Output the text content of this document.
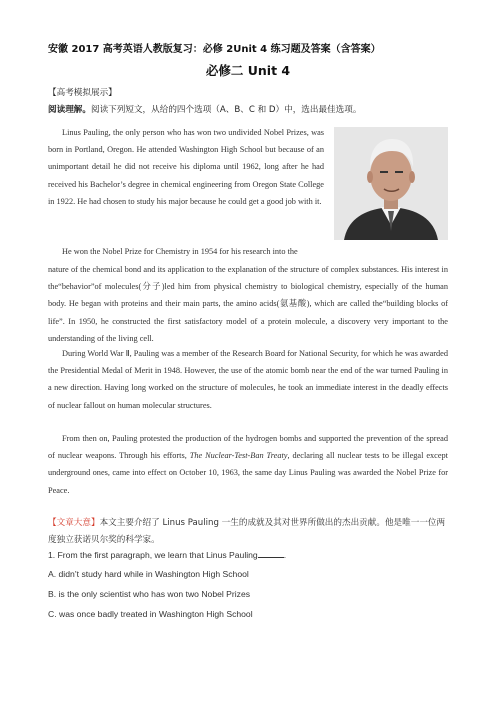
安徽 2017 高考英语人教版复习：必修 2Unit 4 练习题及答案（含答案）
必修二 Unit 4
【高考模拟展示】
阅读理解。阅读下列短文，从给的四个选项（A、B、C 和 D）中，选出最佳选项。
Linus Pauling, the only person who has won two undivided Nobel Prizes, was born in Portland, Oregon. He attended Washington High School but because of an unimportant detail he did not receive his diploma until 1962, long after he had received his Bachelor’s degree in chemical engineering from Oregon State College in 1922. He had chosen to study his major because he could get a good job with it.
He won the Nobel Prize for Chemistry in 1954 for his research into the
nature of the chemical bond and its application to the explanation of the structure of complex substances. His interest in the“behavior”of molecules(分子)led him from physical chemistry to biological chemistry, especially of the human body. He began with proteins and their main parts, the amino acids(氨基酸), which are called the“building blocks of life”. In 1950, he constructed the first satisfactory model of a protein molecule, a discovery very important to the understanding of the living cell.
During World War Ⅱ, Pauling was a member of the Research Board for National Security, for which he was awarded the Presidential Medal of Merit in 1948. However, the use of the atomic bomb near the end of the war turned Pauling in a new direction. Having long worked on the structure of molecules, he took an immediate interest in the deadly effects of nuclear fallout on human molecular structures.
From then on, Pauling protested the production of the hydrogen bombs and supported the prevention of the spread of nuclear weapons. Through his efforts, The Nuclear-Test-Ban Treaty, declaring all nuclear tests to be illegal except underground ones, came into effect on October 10, 1963, the same day Linus Pauling was awarded the Nobel Prize for Peace.
【文章大意】本文主要介绍了 Linus Pauling 一生的成就及其对世界所做出的杰出贡献。他是唯一一位两度独立获诺贝尔奖的科学家。
1. From the first paragraph, we learn that Linus Pauling	.
A. didn’t study hard while in Washington High School
B. is the only scientist who has won two Nobel Prizes
C. was once badly treated in Washington High School
